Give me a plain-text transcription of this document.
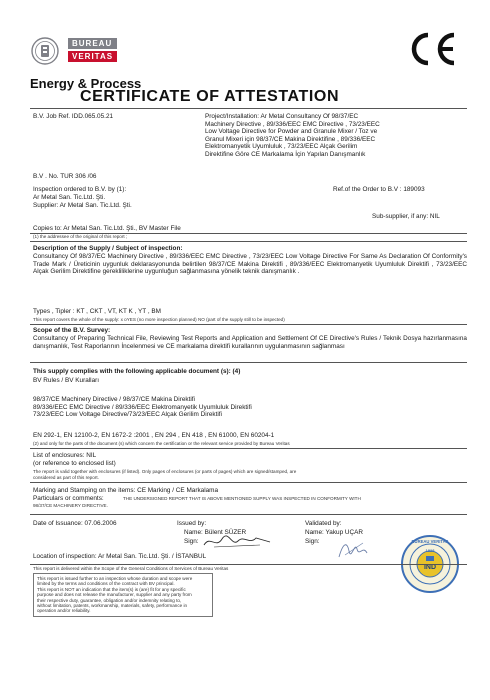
BUREAU
VERITAS
Energy & Process
CERTIFICATE OF ATTESTATION
B.V. Job Ref. IDD.065.05.21	Project/Installation: Ar Metal Consultancy Of 98/37/EC
Machinery Directive , 89/336/EEC EMC Directive , 73/23/EEC
Low Voltage Directive for Powder and Granule Mixer / Toz ve
Granul Mixeri için 98/37/CE Makina Direktifine , 89/336/EEC
Elektromanyetik Uyumluluk , 73/23/EEC Alçak Gerilim
Direktifine Göre CE Markalama İçin Yapılan Danışmanlık
B.V . No. TUR 306 /06
Inspection ordered to B.V. by (1):
Ar Metal San. Tic.Ltd. Şti.
Supplier: Ar Metal San. Tic.Ltd. Şti.
Ref.of the Order to B.V : 189093
Sub-supplier, if any: NIL
Copies to: Ar Metal San. Tic.Ltd. Şti., BV Master File
(1) the addressee of the original of this report ;
Description of the Supply / Subject of inspection:
Consultancy Of 98/37/EC Machinery Directive , 89/336/EEC EMC Directive , 73/23/EEC Low Voltage Directive For Same As Declaration Of Conformity's Trade Mark / Üreticinin uygunluk deklarasyonunda belirtilen 98/37/CE Makina Direktifi , 89/336/EEC Elektromanyetik Uyumluluk Direktifi , 73/23/EEC Alçak Gerilim Direktifine gerekliliklerine uygunluğun sağlanmasına yönelik teknik danışmanlık .
Types , Tipler : KT , CKT , VT, KT K , YT , BM
This report covers the whole of the supply: x oYES (no more inspection planned) NO (part of the supply still to be inspected)
Scope of the B.V. Survey:
Consultancy of Preparing Technical File, Reviewing Test Reports and Application and Settlement Of CE Directive's Rules / Teknik Dosya hazırlanmasına danışmanlık, Test Raporlarının İncelenmesi ve CE markalama direktifi kurallarının uygulanmasının sağlanması
This supply complies with the following applicable document (s): (4)
BV Rules / BV Kuralları
98/37/CE Machinery Directive / 98/37/CE Makina Direktifi
89/336/EEC EMC Directive / 89/336/EEC Elektromanyetik Uyumluluk Direktifi
73/23/EEC Low Voltage Directive/73/23/EEC Alçak Gerilim Direktifi
EN 292-1, EN 12100-2, EN 1672-2 :2001 , EN 294 , EN 418 , EN 61000, EN 60204-1
(2) and only for the parts of the document (s) which concern the certification or the relevant service provided by Bureau Veritas
List of enclosures: NIL
(or reference to enclosed list)
The report is valid together with enclosures (if listed). Only pages of enclosures (or parts of pages) which are signed/stamped, are
considered as part of this report.
Marking and Stamping on the items: CE Marking / CE Markalama
Particulars or comments:	THE UNDERSIGNED REPORT THAT IS ABOVE MENTIONED SUPPLY WAS INSPECTED IN CONFORMITY WITH
98/37/CE MACHINERY DIRECTIVE.
Date of Issuance: 07.06.2006	Issued by:
Name: Bülent SÜZER
Sign:
Validated by:
Name: Yakup UÇAR
Sign:
Location of inspection: Ar Metal San. Tic.Ltd. Şti. / İSTANBUL
BUREAU VERITAS
1828
IND
This report is delivered within the Scope of the General Conditions of Services of Bureau Veritas
This report is issued further to an inspection whose duration and scope were
limited by the terms and conditions of the contract with BV principal.
This report is NOT an indication that the item(s) is (are) fit for any specific
purpose and does not release the manufacturer, supplier and any party from
their respective duty, guarantee, obligation and/or indemnity relating to,
without limitation, patents, workmanship, materials, safety, performance in
operation and/or reliability.
